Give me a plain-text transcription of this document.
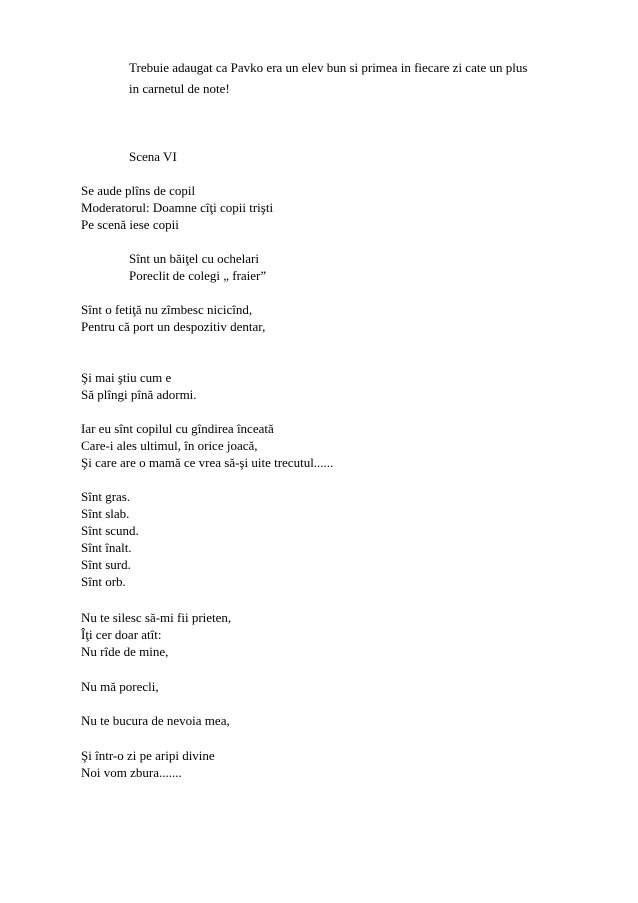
Trebuie adaugat ca Pavko era un elev bun si primea in fiecare zi cate un plus
in carnetul de note!
Scena VI
Se aude plîns de copil
Moderatorul: Doamne cîţi copii trişti
Pe scenă iese copii
Sînt un băiţel cu ochelari
Poreclit de colegi „ fraier”
Sînt o fetiţă nu zîmbesc nicicînd,
Pentru că port un despozitiv dentar,
Şi mai ştiu cum e
Să plîngi pînă adormi.
Iar eu sînt copilul cu gîndirea înceată
Care-i ales ultimul, în orice joacă,
Şi care are o mamă ce vrea să-şi uite trecutul......
Sînt gras.
Sînt slab.
Sînt scund.
Sînt înalt.
Sînt surd.
Sînt orb.
Nu te silesc să-mi fii prieten,
Îţi cer doar atît:
Nu rîde de mine,
Nu mă porecli,
Nu te bucura de nevoia mea,
Şi într-o zi pe aripi divine
Noi vom zbura.......
